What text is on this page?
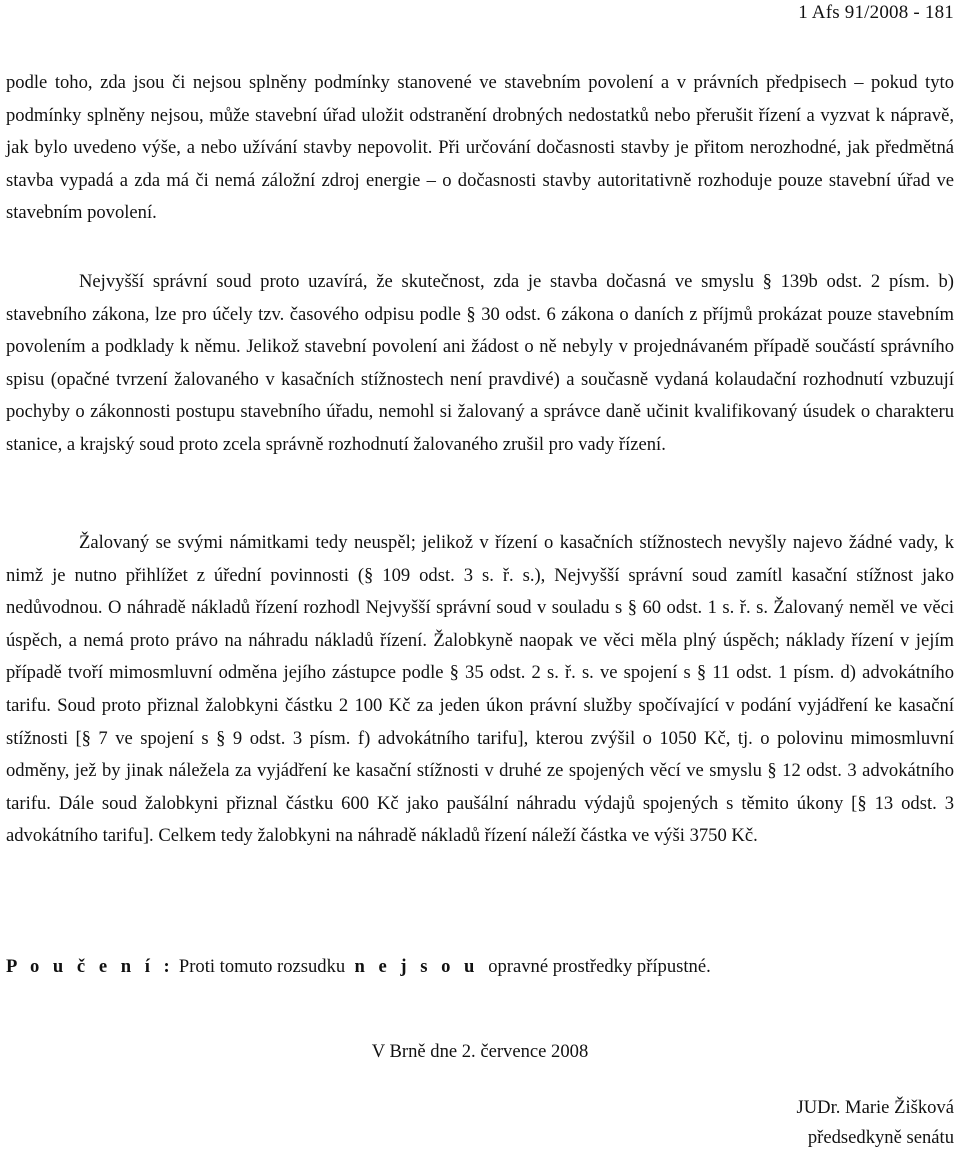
1 Afs 91/2008 - 181

podle toho, zda jsou či nejsou splněny podmínky stanovené ve stavebním povolení a v právních předpisech – pokud tyto podmínky splněny nejsou, může stavební úřad uložit odstranění drobných nedostatků nebo přerušit řízení a vyzvat k nápravě, jak bylo uvedeno výše, a nebo užívání stavby nepovolit. Při určování dočasnosti stavby je přitom nerozhodné, jak předmětná stavba vypadá a zda má či nemá záložní zdroj energie – o dočasnosti stavby autoritativně rozhoduje pouze stavební úřad ve stavebním povolení.

Nejvyšší správní soud proto uzavírá, že skutečnost, zda je stavba dočasná ve smyslu § 139b odst. 2 písm. b) stavebního zákona, lze pro účely tzv. časového odpisu podle § 30 odst. 6 zákona o daních z příjmů prokázat pouze stavebním povolením a podklady k němu. Jelikož stavební povolení ani žádost o ně nebyly v projednávaném případě součástí správního spisu (opačné tvrzení žalovaného v kasačních stížnostech není pravdivé) a současně vydaná kolaudační rozhodnutí vzbuzují pochyby o zákonnosti postupu stavebního úřadu, nemohl si žalovaný a správce daně učinit kvalifikovaný úsudek o charakteru stanice, a krajský soud proto zcela správně rozhodnutí žalovaného zrušil pro vady řízení.

Žalovaný se svými námitkami tedy neuspěl; jelikož v řízení o kasačních stížnostech nevyšly najevo žádné vady, k nimž je nutno přihlížet z úřední povinnosti (§ 109 odst. 3 s. ř. s.), Nejvyšší správní soud zamítl kasační stížnost jako nedůvodnou. O náhradě nákladů řízení rozhodl Nejvyšší správní soud v souladu s § 60 odst. 1 s. ř. s. Žalovaný neměl ve věci úspěch, a nemá proto právo na náhradu nákladů řízení. Žalobkyně naopak ve věci měla plný úspěch; náklady řízení v jejím případě tvoří mimosmluvní odměna jejího zástupce podle § 35 odst. 2 s. ř. s. ve spojení s § 11 odst. 1 písm. d) advokátního tarifu. Soud proto přiznal žalobkyni částku 2 100 Kč za jeden úkon právní služby spočívající v podání vyjádření ke kasační stížnosti [§ 7 ve spojení s § 9 odst. 3 písm. f) advokátního tarifu], kterou zvýšil o 1050 Kč, tj. o polovinu mimosmluvní odměny, jež by jinak náležela za vyjádření ke kasační stížnosti v druhé ze spojených věcí ve smyslu § 12 odst. 3 advokátního tarifu. Dále soud žalobkyni přiznal částku 600 Kč jako paušální náhradu výdajů spojených s těmito úkony [§ 13 odst. 3 advokátního tarifu]. Celkem tedy žalobkyni na náhradě nákladů řízení náleží částka ve výši 3750 Kč.

P o u č e n í : Proti tomuto rozsudku n e j s o u opravné prostředky přípustné.

V Brně dne 2. července 2008
JUDr. Marie Žišková
předsedkyně senátu
